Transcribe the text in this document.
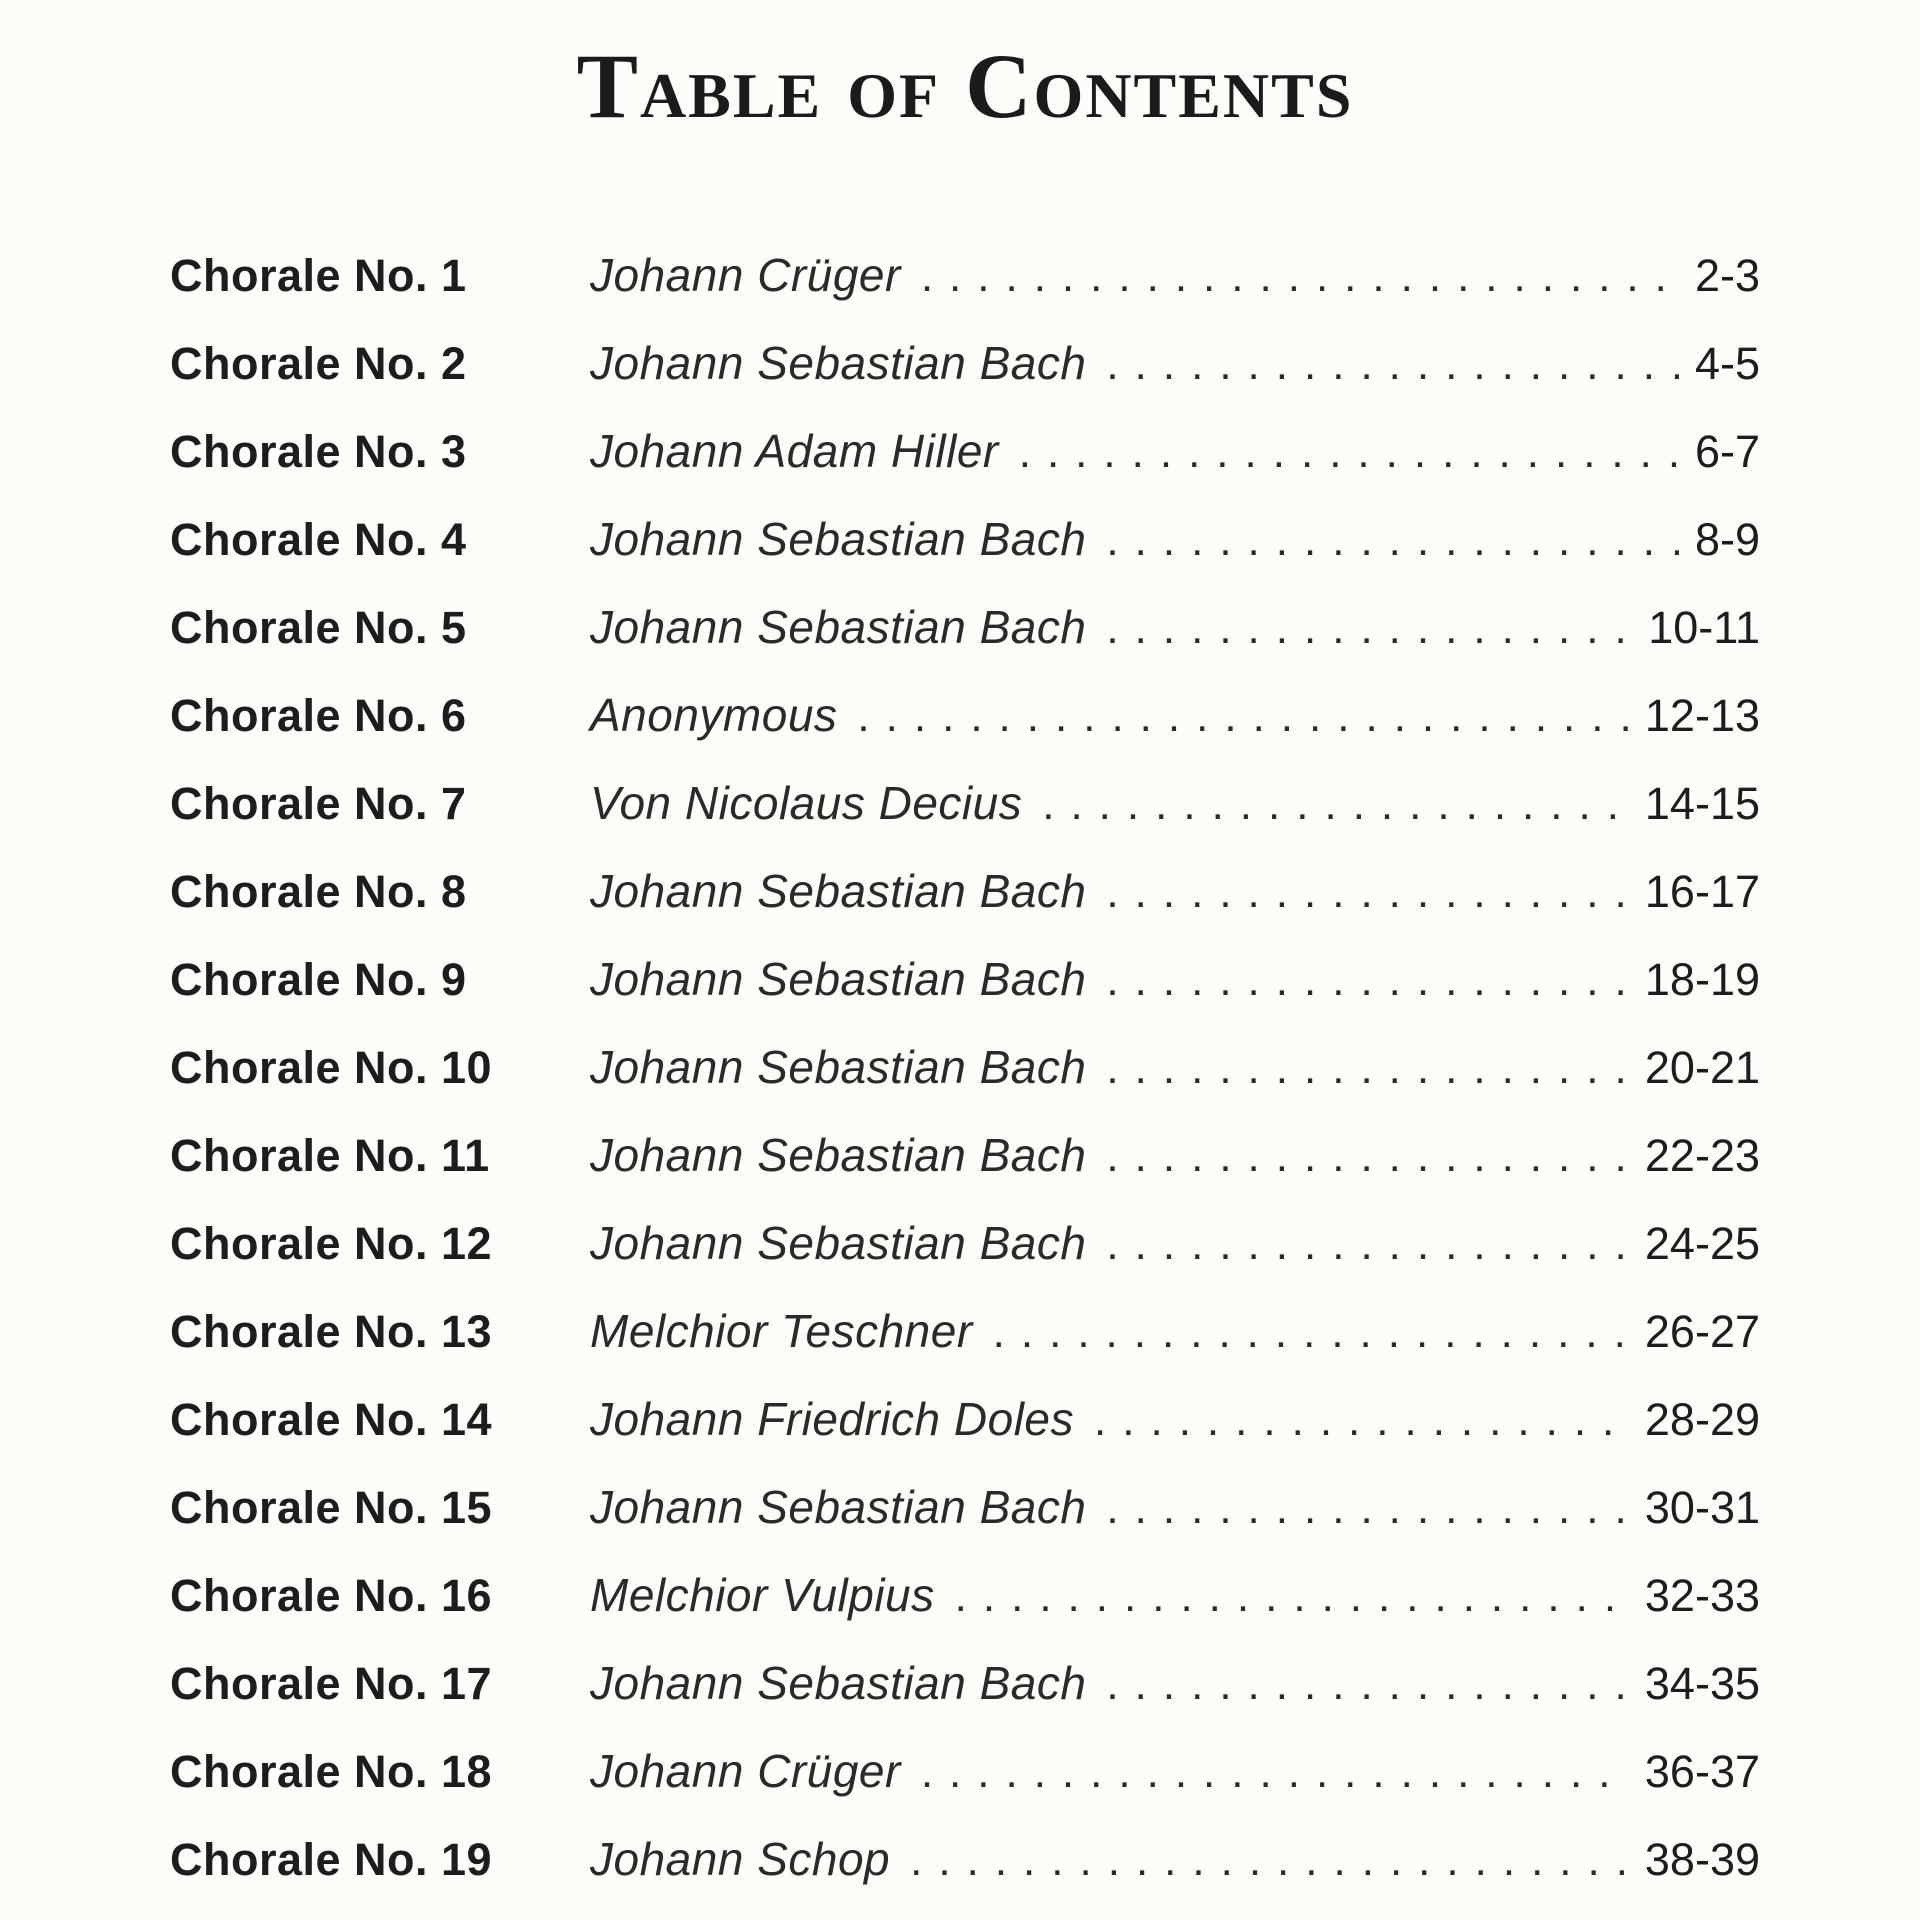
Table of Contents
Chorale No. 1	Johann Crüger .....	2-3
Chorale No. 2	Johann Sebastian Bach .....	4-5
Chorale No. 3	Johann Adam Hiller .....	6-7
Chorale No. 4	Johann Sebastian Bach .....	8-9
Chorale No. 5	Johann Sebastian Bach .....	10-11
Chorale No. 6	Anonymous .....	12-13
Chorale No. 7	Von Nicolaus Decius .....	14-15
Chorale No. 8	Johann Sebastian Bach .....	16-17
Chorale No. 9	Johann Sebastian Bach .....	18-19
Chorale No. 10	Johann Sebastian Bach .....	20-21
Chorale No. 11	Johann Sebastian Bach .....	22-23
Chorale No. 12	Johann Sebastian Bach .....	24-25
Chorale No. 13	Melchior Teschner .....	26-27
Chorale No. 14	Johann Friedrich Doles .....	28-29
Chorale No. 15	Johann Sebastian Bach .....	30-31
Chorale No. 16	Melchior Vulpius .....	32-33
Chorale No. 17	Johann Sebastian Bach .....	34-35
Chorale No. 18	Johann Crüger .....	36-37
Chorale No. 19	Johann Schop .....	38-39
